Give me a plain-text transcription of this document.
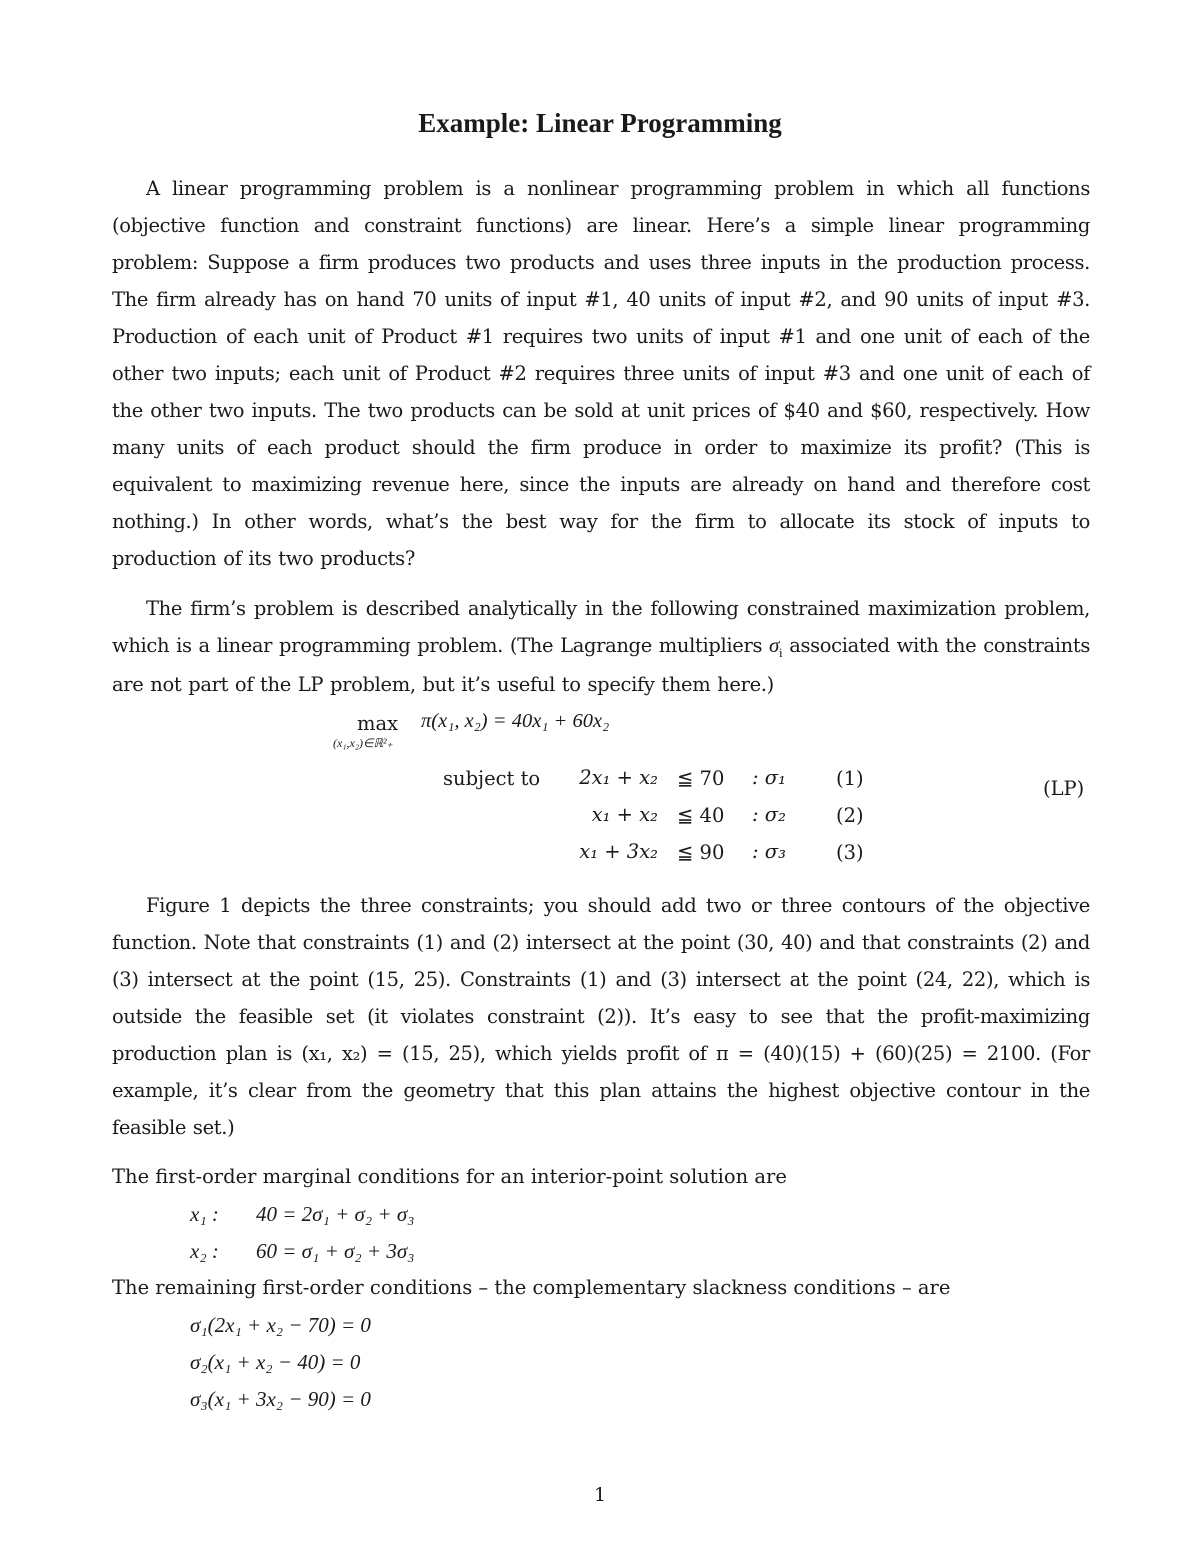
Example: Linear Programming
A linear programming problem is a nonlinear programming problem in which all functions (objective function and constraint functions) are linear. Here’s a simple linear programming problem: Suppose a firm produces two products and uses three inputs in the production process. The firm already has on hand 70 units of input #1, 40 units of input #2, and 90 units of input #3. Production of each unit of Product #1 requires two units of input #1 and one unit of each of the other two inputs; each unit of Product #2 requires three units of input #3 and one unit of each of the other two inputs. The two products can be sold at unit prices of $40 and $60, respectively. How many units of each product should the firm produce in order to maximize its profit? (This is equivalent to maximizing revenue here, since the inputs are already on hand and therefore cost nothing.) In other words, what’s the best way for the firm to allocate its stock of inputs to production of its two products?
The firm’s problem is described analytically in the following constrained maximization problem, which is a linear programming problem. (The Lagrange multipliers $\sigma_i$ associated with the constraints are not part of the LP problem, but it’s useful to specify them here.)
max
(x₁,x₂)∈ℝ²₊
π(x₁, x₂) = 40x₁ + 60x₂
subject to	(LP)
2x₁ + x₂ ≦ 70 : σ₁	(1)
x₁ + x₂ ≦ 40 : σ₂	(2)
x₁ + 3x₂ ≦ 90 : σ₃	(3)
Figure 1 depicts the three constraints; you should add two or three contours of the objective function. Note that constraints (1) and (2) intersect at the point (30, 40) and that constraints (2) and (3) intersect at the point (15, 25). Constraints (1) and (3) intersect at the point (24, 22), which is outside the feasible set (it violates constraint (2)). It’s easy to see that the profit-maximizing production plan is (x₁, x₂) = (15, 25), which yields profit of π = (40)(15) + (60)(25) = 2100. (For example, it’s clear from the geometry that this plan attains the highest objective contour in the feasible set.)
The first-order marginal conditions for an interior-point solution are
x₁ : 40 = 2σ₁ + σ₂ + σ₃
x₂ : 60 = σ₁ + σ₂ + 3σ₃
The remaining first-order conditions – the complementary slackness conditions – are
σ₁(2x₁ + x₂ − 70) = 0
σ₂(x₁ + x₂ − 40) = 0
σ₃(x₁ + 3x₂ − 90) = 0
1
